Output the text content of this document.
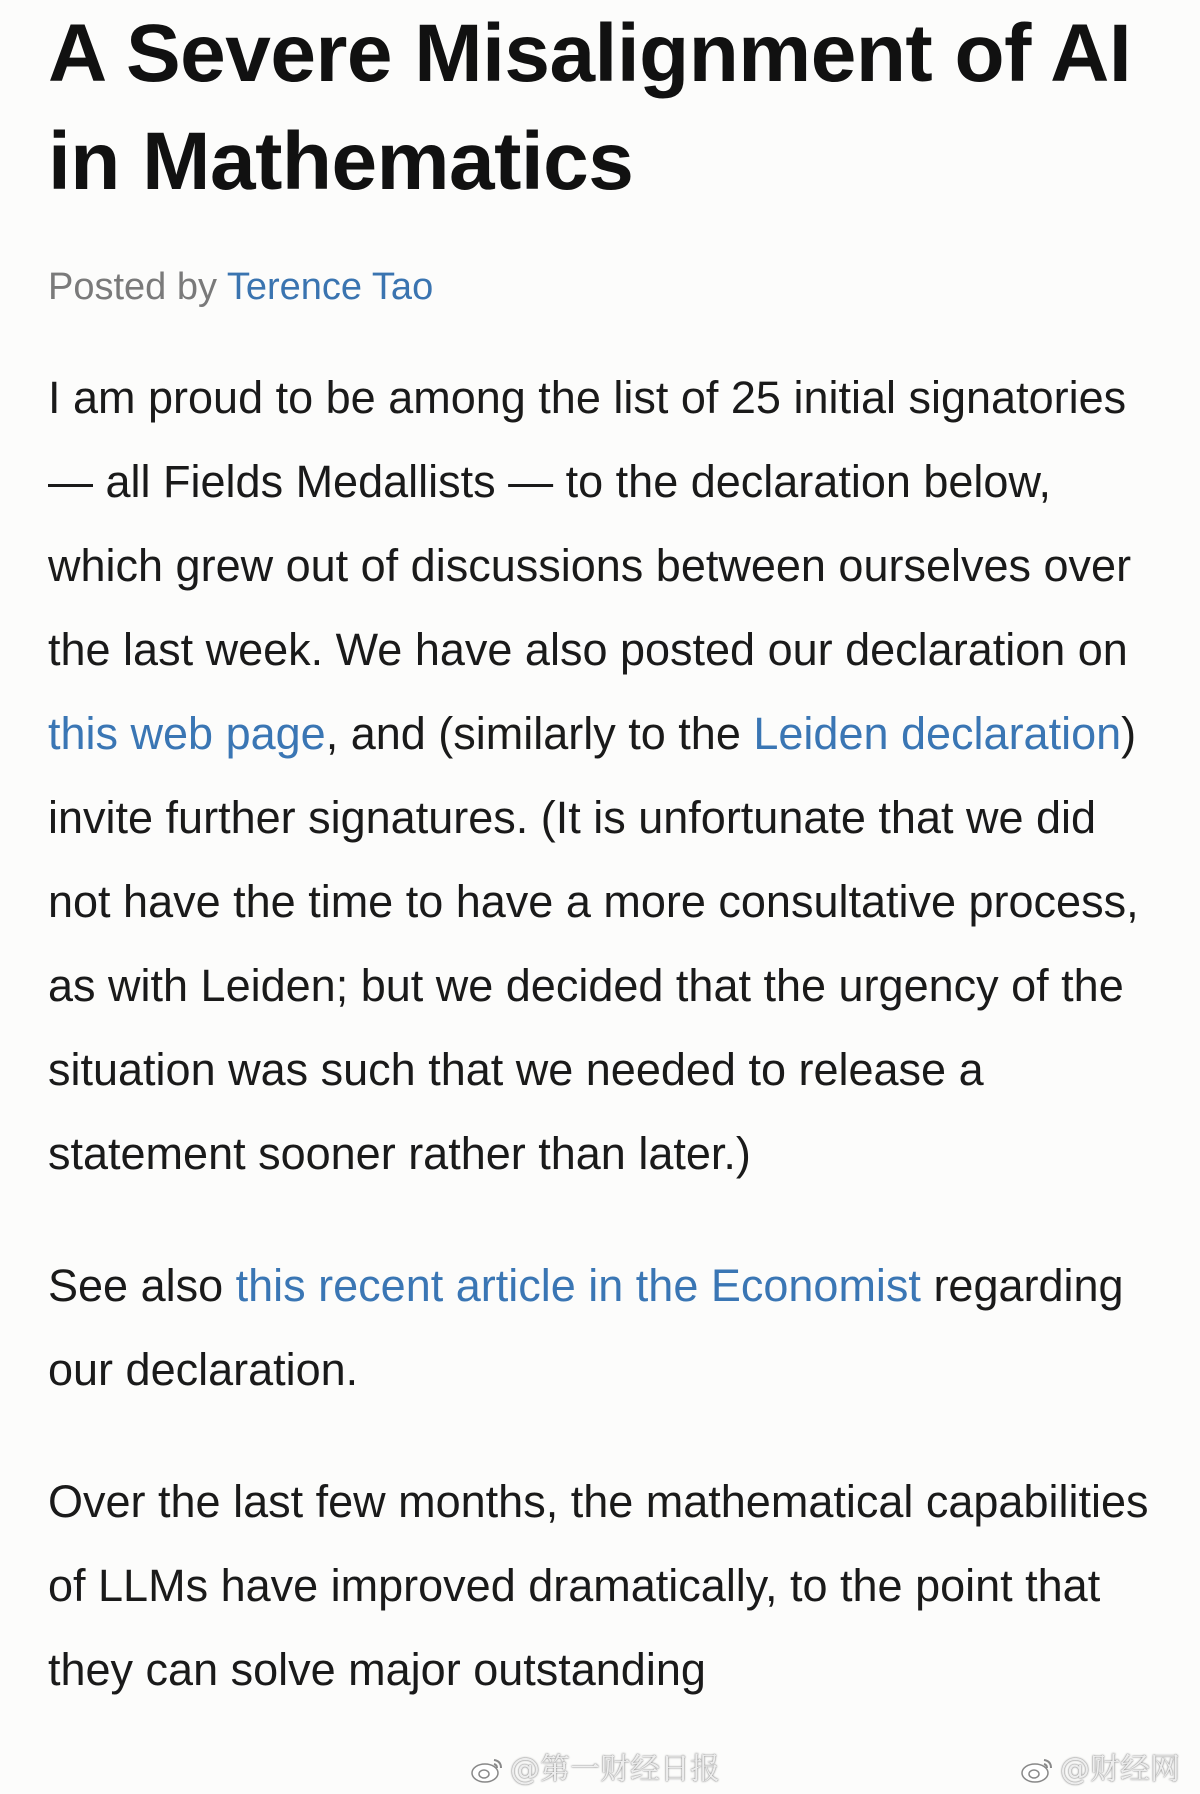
A Severe Misalignment of AI in Mathematics
Posted by Terence Tao

I am proud to be among the list of 25 initial signatories — all Fields Medallists — to the declaration below, which grew out of discussions between ourselves over the last week. We have also posted our declaration on this web page, and (similarly to the Leiden declaration) invite further signatures. (It is unfortunate that we did not have the time to have a more consultative process, as with Leiden; but we decided that the urgency of the situation was such that we needed to release a statement sooner rather than later.)

See also this recent article in the Economist regarding our declaration.

Over the last few months, the mathematical capabilities of LLMs have improved dramatically, to the point that they can solve major outstanding

@第一财经日报	@财经网
